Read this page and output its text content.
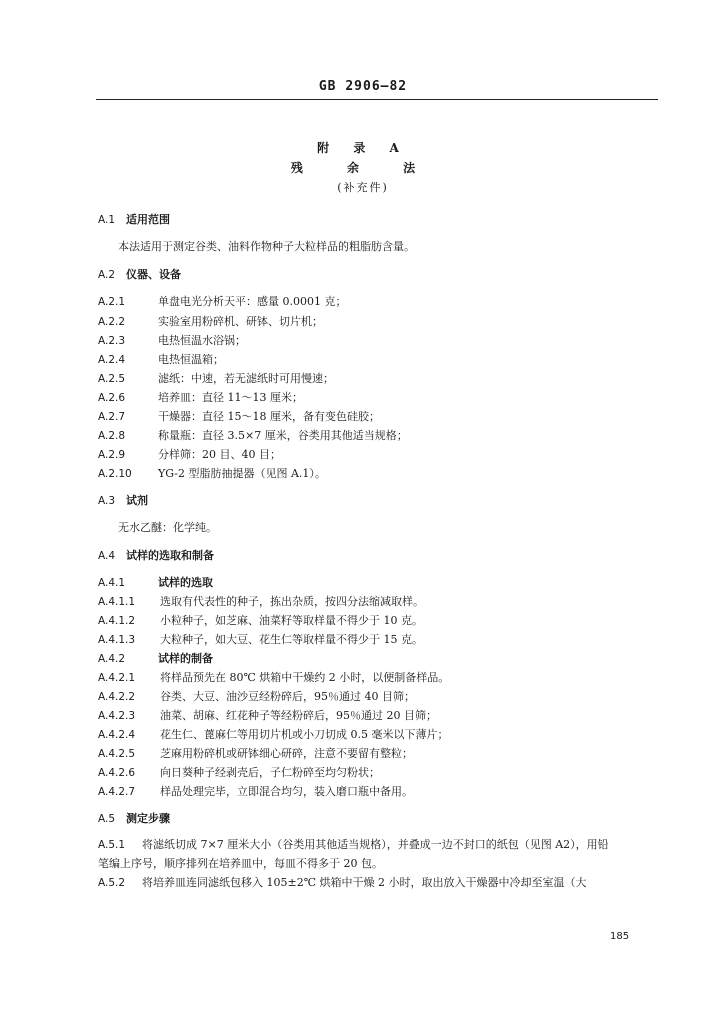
GB 2906—82
附 录 A
残 余 法
(补充件)
A.1 适用范围
本法适用于测定谷类、油料作物种子大粒样品的粗脂肪含量。
A.2 仪器、设备
A.2.1	单盘电光分析天平：感量 0.0001 克；
A.2.2	实验室用粉碎机、研钵、切片机；
A.2.3	电热恒温水浴锅；
A.2.4	电热恒温箱；
A.2.5	滤纸：中速，若无滤纸时可用慢速；
A.2.6	培养皿：直径 11～13 厘米；
A.2.7	干燥器：直径 15～18 厘米，备有变色硅胶；
A.2.8	称量瓶：直径 3.5×7 厘米，谷类用其他适当规格；
A.2.9	分样筛：20 目、40 目；
A.2.10 YG-2 型脂肪抽提器（见图 A.1）。
A.3 试剂
无水乙醚：化学纯。
A.4 试样的选取和制备
A.4.1	试样的选取
A.4.1.1 选取有代表性的种子，拣出杂质，按四分法缩减取样。
A.4.1.2 小粒种子，如芝麻、油菜籽等取样量不得少于 10 克。
A.4.1.3 大粒种子，如大豆、花生仁等取样量不得少于 15 克。
A.4.2	试样的制备
A.4.2.1 将样品预先在 80℃ 烘箱中干燥约 2 小时，以便制备样品。
A.4.2.2 谷类、大豆、油沙豆经粉碎后，95％通过 40 目筛；
A.4.2.3 油菜、胡麻、红花种子等经粉碎后，95％通过 20 目筛；
A.4.2.4 花生仁、蓖麻仁等用切片机或小刀切成 0.5 毫米以下薄片；
A.4.2.5 芝麻用粉碎机或研钵细心研碎，注意不要留有整粒；
A.4.2.6 向日葵种子经剥壳后，子仁粉碎至均匀粉状；
A.4.2.7 样品处理完毕，立即混合均匀，装入磨口瓶中备用。
A.5 测定步骤
A.5.1 将滤纸切成 7×7 厘米大小（谷类用其他适当规格），并叠成一边不封口的纸包（见图 A2），用铅
笔编上序号，顺序排列在培养皿中，每皿不得多于 20 包。
A.5.2 将培养皿连同滤纸包移入 105±2℃ 烘箱中干燥 2 小时，取出放入干燥器中冷却至室温（大
185
